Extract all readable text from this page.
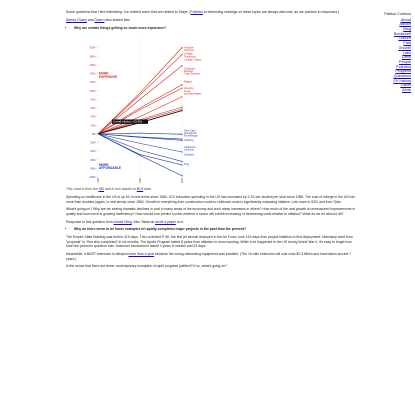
Some questions that I find interesting. I've omitted some that are related to Stripe. (Pointers to interesting readings on these topics are always welcome, as are pointers to responses.)

Alexey Guzey and Gwern also started lists.

• Why are certain things getting so much more expensive?
-100%
-80%
-60%
-40%
-20%
0%
20%
40%
60%
80%
100%
120%
140%
160%
180%
200%
1997	2007	2017
MORE
EXPENSIVE
MORE
AFFORDABLE
Overall inflation (+53.8%)
Hospital
Services
College
Textbooks
College Tuition
Childcare
Medical
Care Services
Wages
Housing
Food
and Beverages
New Cars
Household
Furnishings
Clothing
Cellphone
Services
Software
Toys

This chart is from the AEI and in turn based on BLS data.

Spending on healthcare in the US is up 6X in real terms since 1960. K12 education spending in the US has increased by 2-3X per student per year since 1980. The cost of college in the US has more than doubled (again, in real terms) since 1984. Growth in everything from construction costs to childcare costs is significantly outpacing inflation. Lots more in SSC and from Tyler.

What's going on? Why are we seeing dramatic declines in cost in many areas of the economy and such steep increases in others? How much of the cost growth is unmeasured improvements in quality and how much is growing inefficiency? How should one predict a priori whether a sector will exhibit increasing or decreasing costs relative to inflation? What do we do about it all?

Response to this question from Arnold Kling. Alex Tabarrok wrote a paper on it.

• Why do there seem to be fewer examples of rapidly-completed major projects in the past than the present?

The Empire State Building was built in 410 days. The Lockheed P-80, the first jet aircraft deployed in the Air Force, took 143 days from project initiation to first deployment. Marinship went from "proposal" to "first ship completed" in six months. The Apollo Program lasted 8 years from initiation to moon landing. While a lot happened in the US during World War II, it's easy to forget how short the period in question was. American involvement lasted 3 years 8 months and 23 days.

Meanwhile, a BART extension is delayed more than a year because the wrong networking equipment was installed. (The 16-mile extension will cost circa $2.3 billion and have taken around 7 years.)

Is the sense that there are fewer contemporary examples of rapid progress justified? If so, what's going on?

Patrick Collison
About
Advice
Blog
Bookshelf
Culture
Fast
Growth
Labs
Links
People
Pollution
Progress
Questions
SV history
Travel
Work
